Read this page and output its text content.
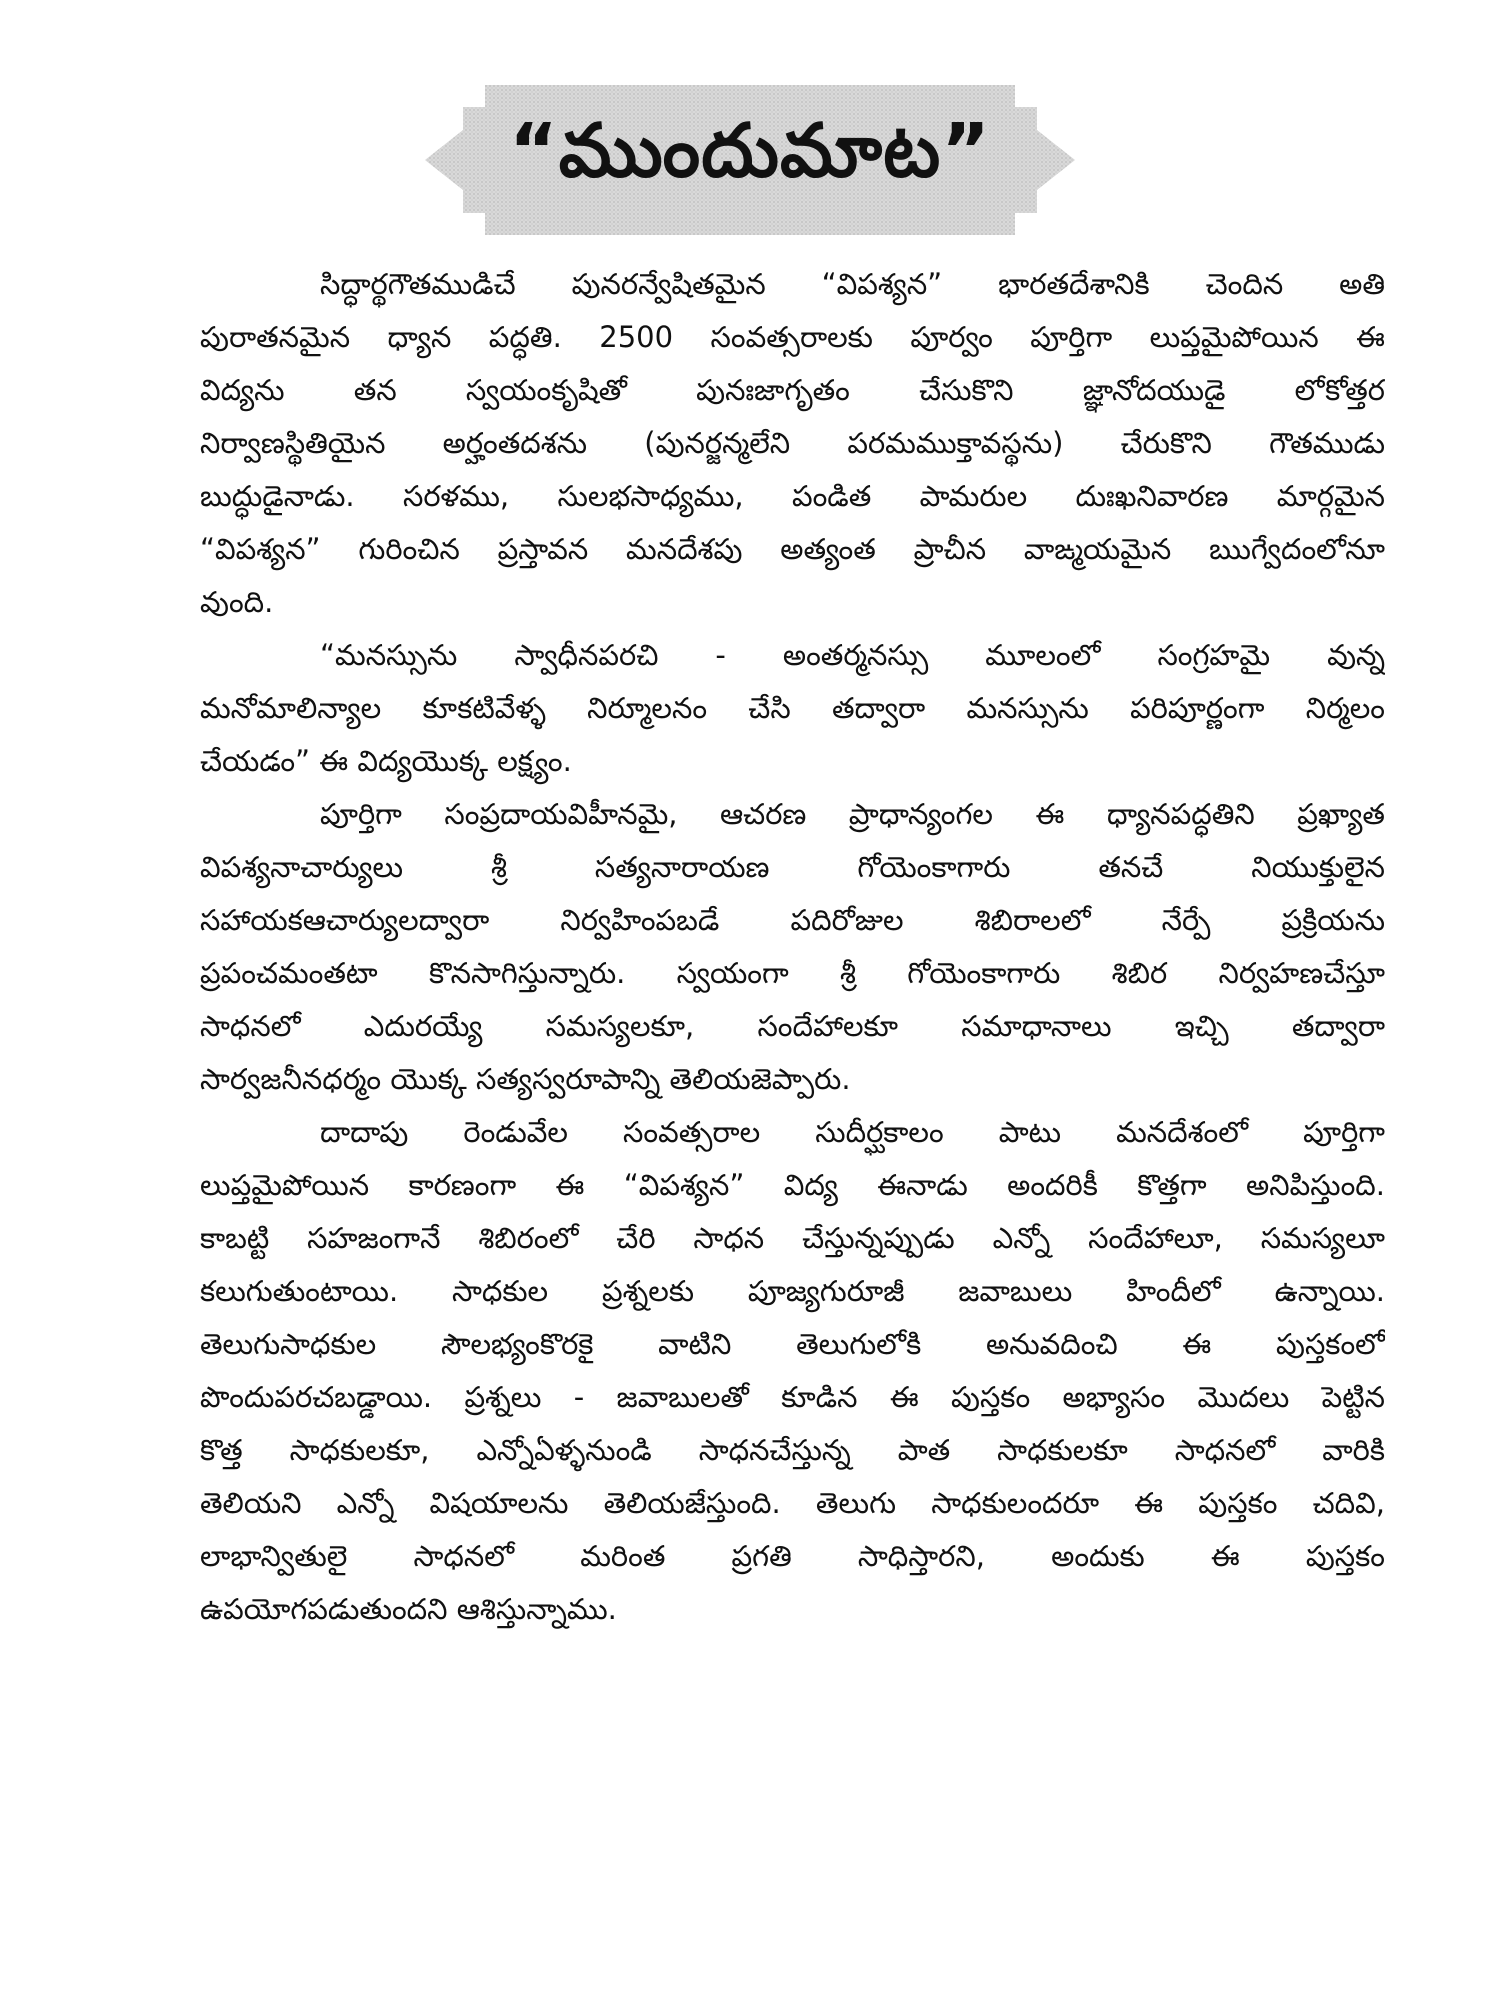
“ముందుమాట”
సిద్ధార్థగౌతముడిచే పునరన్వేషితమైన “విపశ్యన” భారతదేశానికి చెందిన అతి
పురాతనమైన ధ్యాన పద్ధతి. 2500 సంవత్సరాలకు పూర్వం పూర్తిగా లుప్తమైపోయిన ఈ
విద్యను తన స్వయంకృషితో పునఃజాగృతం చేసుకొని జ్ఞానోదయుడై లోకోత్తర
నిర్వాణస్థితియైన అర్హంతదశను (పునర్జన్మలేని పరమముక్తావస్థను) చేరుకొని గౌతముడు
బుద్ధుడైనాడు. సరళము, సులభసాధ్యము, పండిత పామరుల దుఃఖనివారణ మార్గమైన
“విపశ్యన” గురించిన ప్రస్తావన మనదేశపు అత్యంత ప్రాచీన వాఙ్మయమైన ఋగ్వేదంలోనూ
వుంది.
“మనస్సును స్వాధీనపరచి - అంతర్మనస్సు మూలంలో సంగ్రహమై వున్న
మనోమాలిన్యాల కూకటివేళ్ళ నిర్మూలనం చేసి తద్వారా మనస్సును పరిపూర్ణంగా నిర్మలం
చేయడం” ఈ విద్యయొక్క లక్ష్యం.
పూర్తిగా సంప్రదాయవిహీనమై, ఆచరణ ప్రాధాన్యంగల ఈ ధ్యానపద్ధతిని ప్రఖ్యాత
విపశ్యనాచార్యులు శ్రీ సత్యనారాయణ గోయెంకాగారు తనచే నియుక్తులైన
సహాయకఆచార్యులద్వారా నిర్వహింపబడే పదిరోజుల శిబిరాలలో నేర్పే ప్రక్రియను
ప్రపంచమంతటా కొనసాగిస్తున్నారు. స్వయంగా శ్రీ గోయెంకాగారు శిబిర నిర్వహణచేస్తూ
సాధనలో ఎదురయ్యే సమస్యలకూ, సందేహాలకూ సమాధానాలు ఇచ్చి తద్వారా
సార్వజనీనధర్మం యొక్క సత్యస్వరూపాన్ని తెలియజెప్పారు.
దాదాపు రెండువేల సంవత్సరాల సుదీర్ఘకాలం పాటు మనదేశంలో పూర్తిగా
లుప్తమైపోయిన కారణంగా ఈ “విపశ్యన” విద్య ఈనాడు అందరికీ కొత్తగా అనిపిస్తుంది.
కాబట్టి సహజంగానే శిబిరంలో చేరి సాధన చేస్తున్నప్పుడు ఎన్నో సందేహాలూ, సమస్యలూ
కలుగుతుంటాయి. సాధకుల ప్రశ్నలకు పూజ్యగురూజీ జవాబులు హిందీలో ఉన్నాయి.
తెలుగుసాధకుల సౌలభ్యంకొరకై వాటిని తెలుగులోకి అనువదించి ఈ పుస్తకంలో
పొందుపరచబడ్డాయి. ప్రశ్నలు - జవాబులతో కూడిన ఈ పుస్తకం అభ్యాసం మొదలు పెట్టిన
కొత్త సాధకులకూ, ఎన్నోఏళ్ళనుండి సాధనచేస్తున్న పాత సాధకులకూ సాధనలో వారికి
తెలియని ఎన్నో విషయాలను తెలియజేస్తుంది. తెలుగు సాధకులందరూ ఈ పుస్తకం చదివి,
లాభాన్వితులై సాధనలో మరింత ప్రగతి సాధిస్తారని, అందుకు ఈ పుస్తకం
ఉపయోగపడుతుందని ఆశిస్తున్నాము.
